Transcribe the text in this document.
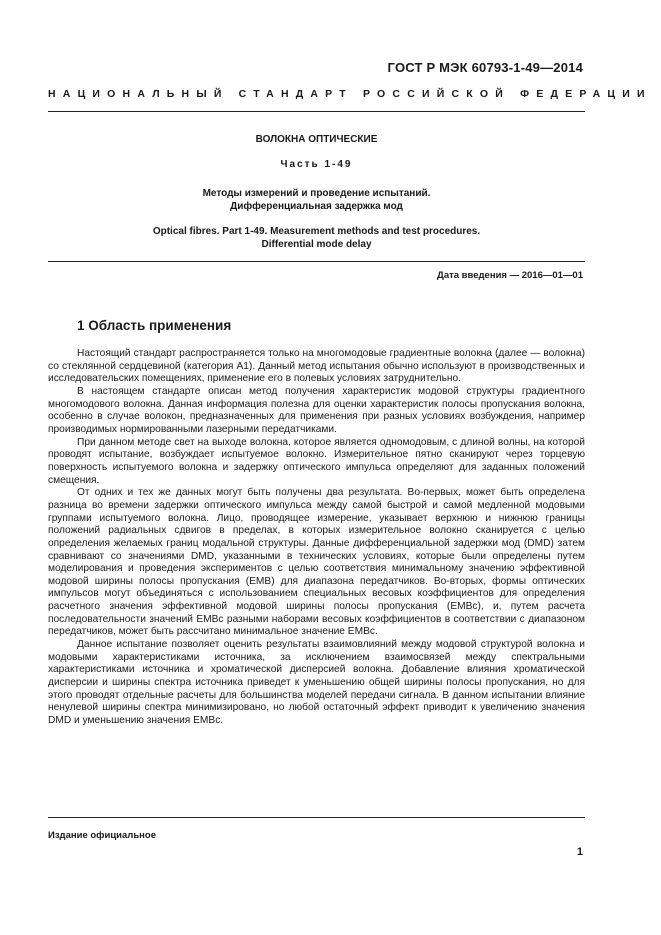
ГОСТ Р МЭК 60793-1-49—2014
НАЦИОНАЛЬНЫЙ СТАНДАРТ РОССИЙСКОЙ ФЕДЕРАЦИИ
ВОЛОКНА ОПТИЧЕСКИЕ
Часть 1-49
Методы измерений и проведение испытаний.
Дифференциальная задержка мод
Optical fibres. Part 1-49. Measurement methods and test procedures.
Differential mode delay
Дата введения — 2016—01—01
1 Область применения

Настоящий стандарт распространяется только на многомодовые градиентные волокна (далее — волокна) со стеклянной сердцевиной (категория А1). Данный метод испытания обычно используют в производственных и исследовательских помещениях, применение его в полевых условиях затруднительно.

В настоящем стандарте описан метод получения характеристик модовой структуры градиентного многомодового волокна. Данная информация полезна для оценки характеристик полосы пропускания волокна, особенно в случае волокон, предназначенных для применения при разных условиях возбуждения, например производимых нормированными лазерными передатчиками.

При данном методе свет на выходе волокна, которое является одномодовым, с длиной волны, на которой проводят испытание, возбуждает испытуемое волокно. Измерительное пятно сканируют через торцевую поверхность испытуемого волокна и задержку оптического импульса определяют для заданных положений смещения.

От одних и тех же данных могут быть получены два результата. Во-первых, может быть определена разница во времени задержки оптического импульса между самой быстрой и самой медленной модовыми группами испытуемого волокна. Лицо, проводящее измерение, указывает верхнюю и нижнюю границы положений радиальных сдвигов в пределах, в которых измерительное волокно сканируется с целью определения желаемых границ модальной структуры. Данные дифференциальной задержки мод (DMD) затем сравнивают со значениями DMD, указанными в технических условиях, которые были определены путем моделирования и проведения экспериментов с целью соответствия минимальному значению эффективной модовой ширины полосы пропускания (EMB) для диапазона передатчиков. Во-вторых, формы оптических импульсов могут объединяться с использованием специальных весовых коэффициентов для определения расчетного значения эффективной модовой ширины полосы пропускания (EMBc), и, путем расчета последовательности значений EMBc разными наборами весовых коэффициентов в соответствии с диапазоном передатчиков, может быть рассчитано минимальное значение EMBc.

Данное испытание позволяет оценить результаты взаимовлияний между модовой структурой волокна и модовыми характеристиками источника, за исключением взаимосвязей между спектральными характеристиками источника и хроматической дисперсией волокна. Добавление влияния хроматической дисперсии и ширины спектра источника приведет к уменьшению общей ширины полосы пропускания, но для этого проводят отдельные расчеты для большинства моделей передачи сигнала. В данном испытании влияние ненулевой ширины спектра минимизировано, но любой остаточный эффект приводит к увеличению значения DMD и уменьшению значения EMBc.

Издание официальное
1
